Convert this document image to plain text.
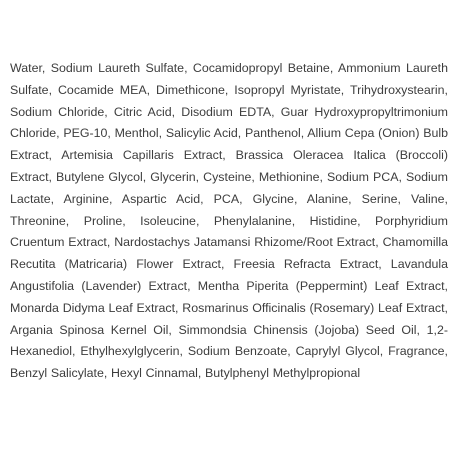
Water, Sodium Laureth Sulfate, Cocamidopropyl Betaine, Ammonium Laureth Sulfate, Cocamide MEA, Dimethicone, Isopropyl Myristate, Trihydroxystearin, Sodium Chloride, Citric Acid, Disodium EDTA, Guar Hydroxypropyltrimonium Chloride, PEG-10, Menthol, Salicylic Acid, Panthenol, Allium Cepa (Onion) Bulb Extract, Artemisia Capillaris Extract, Brassica Oleracea Italica (Broccoli) Extract, Butylene Glycol, Glycerin, Cysteine, Methionine, Sodium PCA, Sodium Lactate, Arginine, Aspartic Acid, PCA, Glycine, Alanine, Serine, Valine, Threonine, Proline, Isoleucine, Phenylalanine, Histidine, Porphyridium Cruentum Extract, Nardostachys Jatamansi Rhizome/Root Extract, Chamomilla Recutita (Matricaria) Flower Extract, Freesia Refracta Extract, Lavandula Angustifolia (Lavender) Extract, Mentha Piperita (Peppermint) Leaf Extract, Monarda Didyma Leaf Extract, Rosmarinus Officinalis (Rosemary) Leaf Extract, Argania Spinosa Kernel Oil, Simmondsia Chinensis (Jojoba) Seed Oil, 1,2-Hexanediol, Ethylhexylglycerin, Sodium Benzoate, Caprylyl Glycol, Fragrance, Benzyl Salicylate, Hexyl Cinnamal, Butylphenyl Methylpropional
